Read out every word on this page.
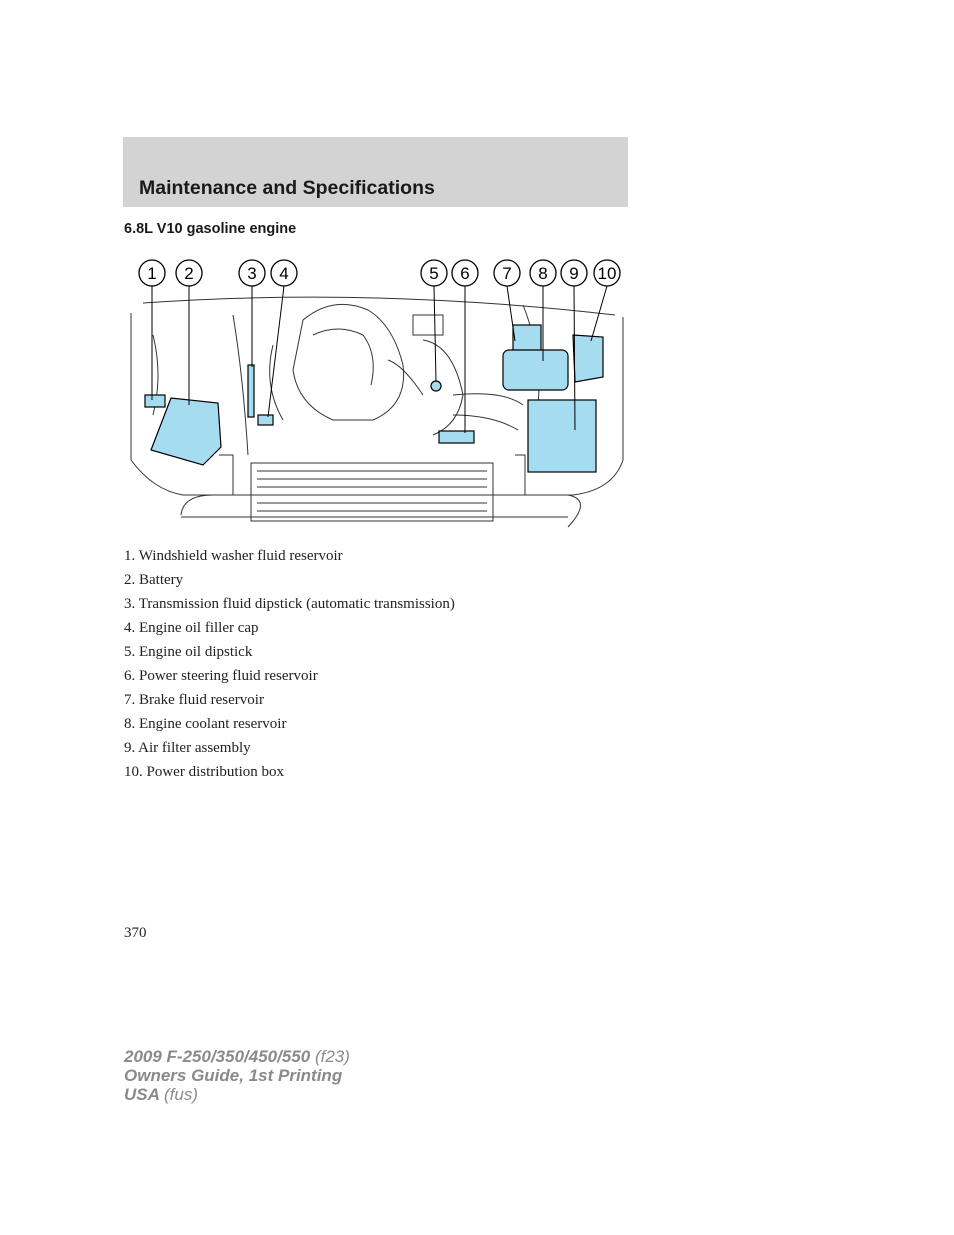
Maintenance and Specifications
6.8L V10 gasoline engine
1 2	3 4	5 6 7 8 9 10
1. Windshield washer fluid reservoir
2. Battery
3. Transmission fluid dipstick (automatic transmission)
4. Engine oil filler cap
5. Engine oil dipstick
6. Power steering fluid reservoir
7. Brake fluid reservoir
8. Engine coolant reservoir
9. Air filter assembly
10. Power distribution box
370
2009 F-250/350/450/550 (f23)
Owners Guide, 1st Printing
USA (fus)
